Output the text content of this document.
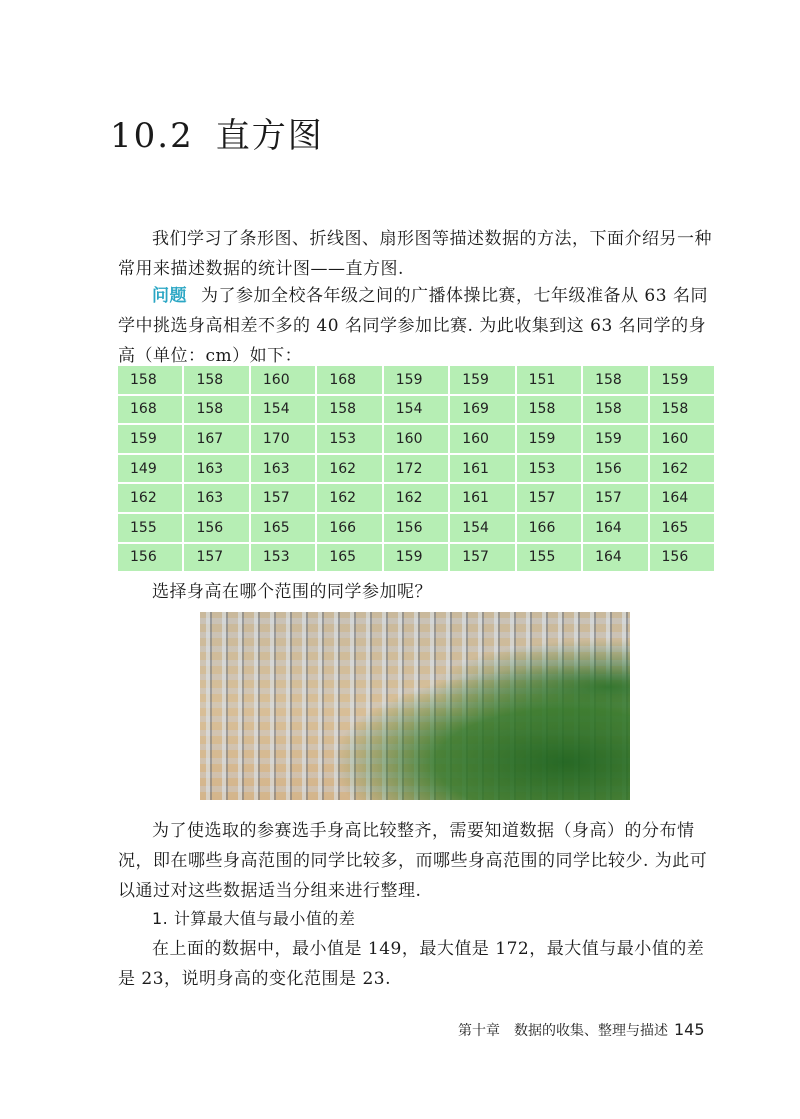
10.2 直方图
我们学习了条形图、折线图、扇形图等描述数据的方法，下面介绍另一种常用来描述数据的统计图——直方图.
问题 为了参加全校各年级之间的广播体操比赛，七年级准备从 63 名同学中挑选身高相差不多的 40 名同学参加比赛. 为此收集到这 63 名同学的身高（单位：cm）如下：
158	158	160	168	159	159	151	158	159
168	158	154	158	154	169	158	158	158
159	167	170	153	160	160	159	159	160
149	163	163	162	172	161	153	156	162
162	163	157	162	162	161	157	157	164
155	156	165	166	156	154	166	164	165
156	157	153	165	159	157	155	164	156
选择身高在哪个范围的同学参加呢？
为了使选取的参赛选手身高比较整齐，需要知道数据（身高）的分布情况，即在哪些身高范围的同学比较多，而哪些身高范围的同学比较少. 为此可以通过对这些数据适当分组来进行整理.
1. 计算最大值与最小值的差
在上面的数据中，最小值是 149，最大值是 172，最大值与最小值的差是 23，说明身高的变化范围是 23.
第十章　数据的收集、整理与描述 145
